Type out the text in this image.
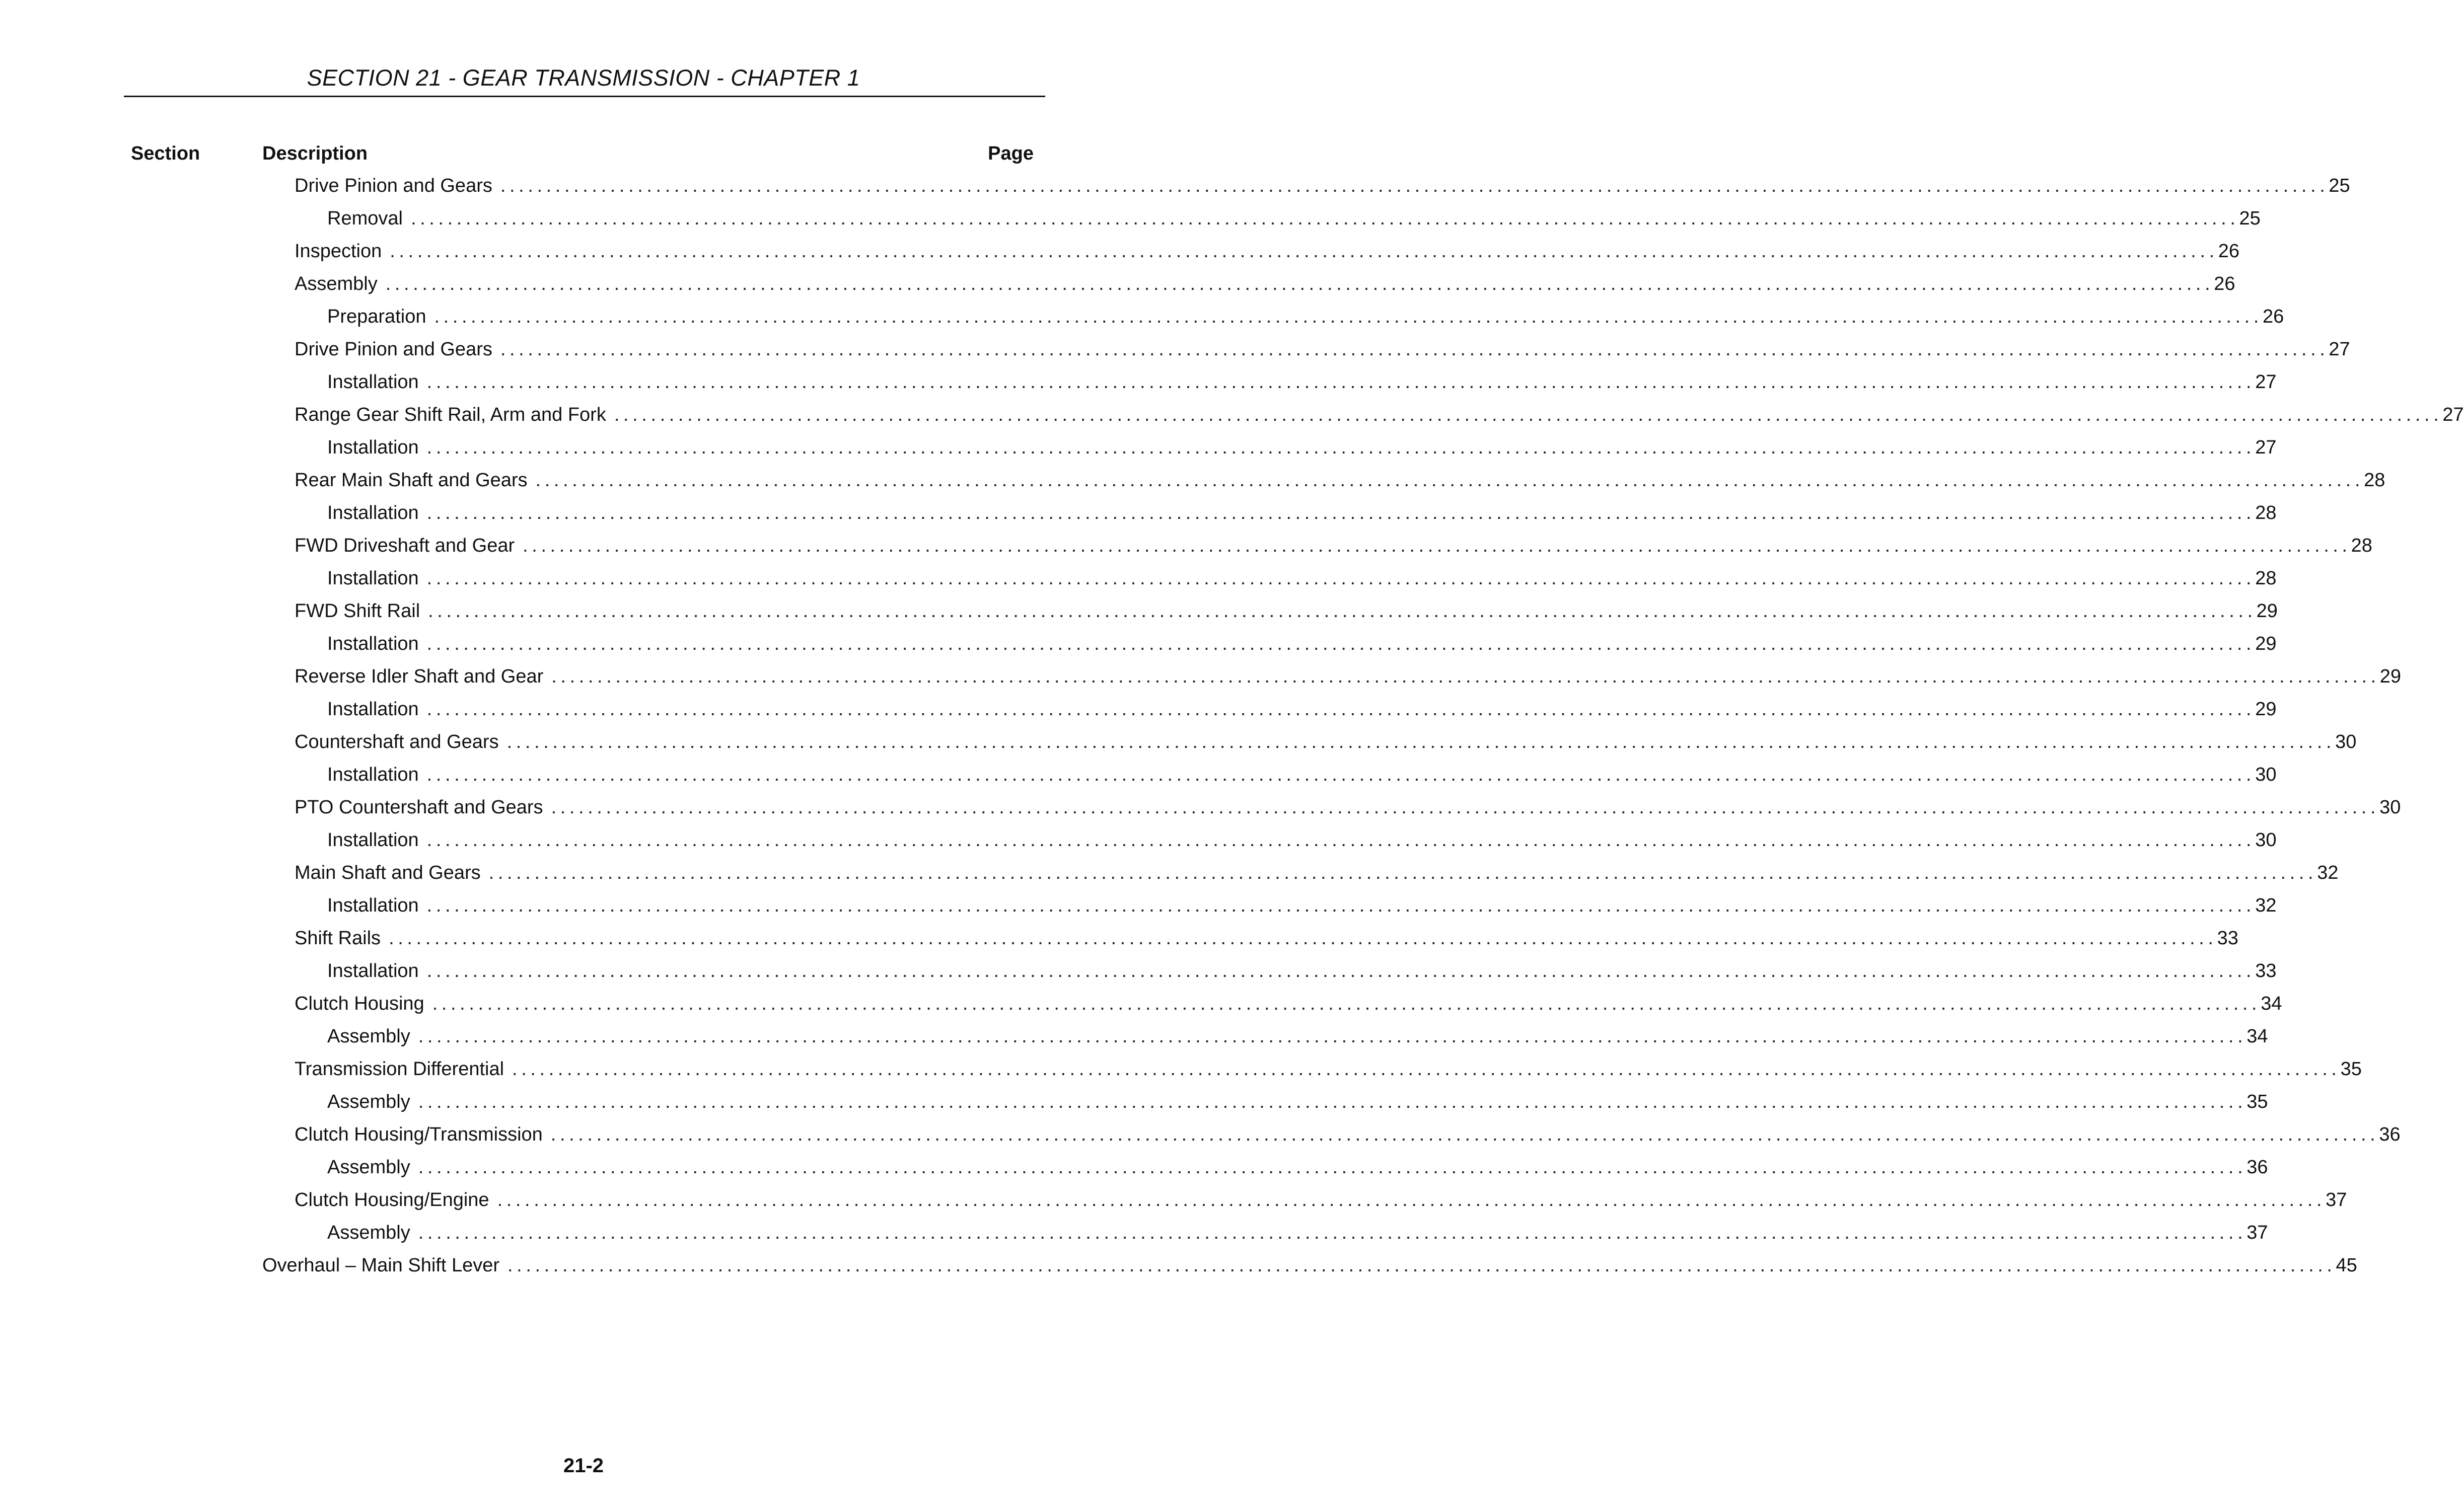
SECTION 21 - GEAR TRANSMISSION - CHAPTER 1
Section	Description	Page
Drive Pinion and Gears ........................................................................................................................................................................................................ 25
Removal ........................................................................................................................................................................................................ 25
Inspection ........................................................................................................................................................................................................ 26
Assembly ........................................................................................................................................................................................................ 26
Preparation ........................................................................................................................................................................................................ 26
Drive Pinion and Gears ........................................................................................................................................................................................................ 27
Installation ........................................................................................................................................................................................................ 27
Range Gear Shift Rail, Arm and Fork ........................................................................................................................................................................................................ 27
Installation ........................................................................................................................................................................................................ 27
Rear Main Shaft and Gears ........................................................................................................................................................................................................ 28
Installation ........................................................................................................................................................................................................ 28
FWD Driveshaft and Gear ........................................................................................................................................................................................................ 28
Installation ........................................................................................................................................................................................................ 28
FWD Shift Rail ........................................................................................................................................................................................................ 29
Installation ........................................................................................................................................................................................................ 29
Reverse Idler Shaft and Gear ........................................................................................................................................................................................................ 29
Installation ........................................................................................................................................................................................................ 29
Countershaft and Gears ........................................................................................................................................................................................................ 30
Installation ........................................................................................................................................................................................................ 30
PTO Countershaft and Gears ........................................................................................................................................................................................................ 30
Installation ........................................................................................................................................................................................................ 30
Main Shaft and Gears ........................................................................................................................................................................................................ 32
Installation ........................................................................................................................................................................................................ 32
Shift Rails ........................................................................................................................................................................................................ 33
Installation ........................................................................................................................................................................................................ 33
Clutch Housing ........................................................................................................................................................................................................ 34
Assembly ........................................................................................................................................................................................................ 34
Transmission Differential ........................................................................................................................................................................................................ 35
Assembly ........................................................................................................................................................................................................ 35
Clutch Housing/Transmission ........................................................................................................................................................................................................ 36
Assembly ........................................................................................................................................................................................................ 36
Clutch Housing/Engine ........................................................................................................................................................................................................ 37
Assembly ........................................................................................................................................................................................................ 37
Overhaul – Main Shift Lever ........................................................................................................................................................................................................ 45
21-2
